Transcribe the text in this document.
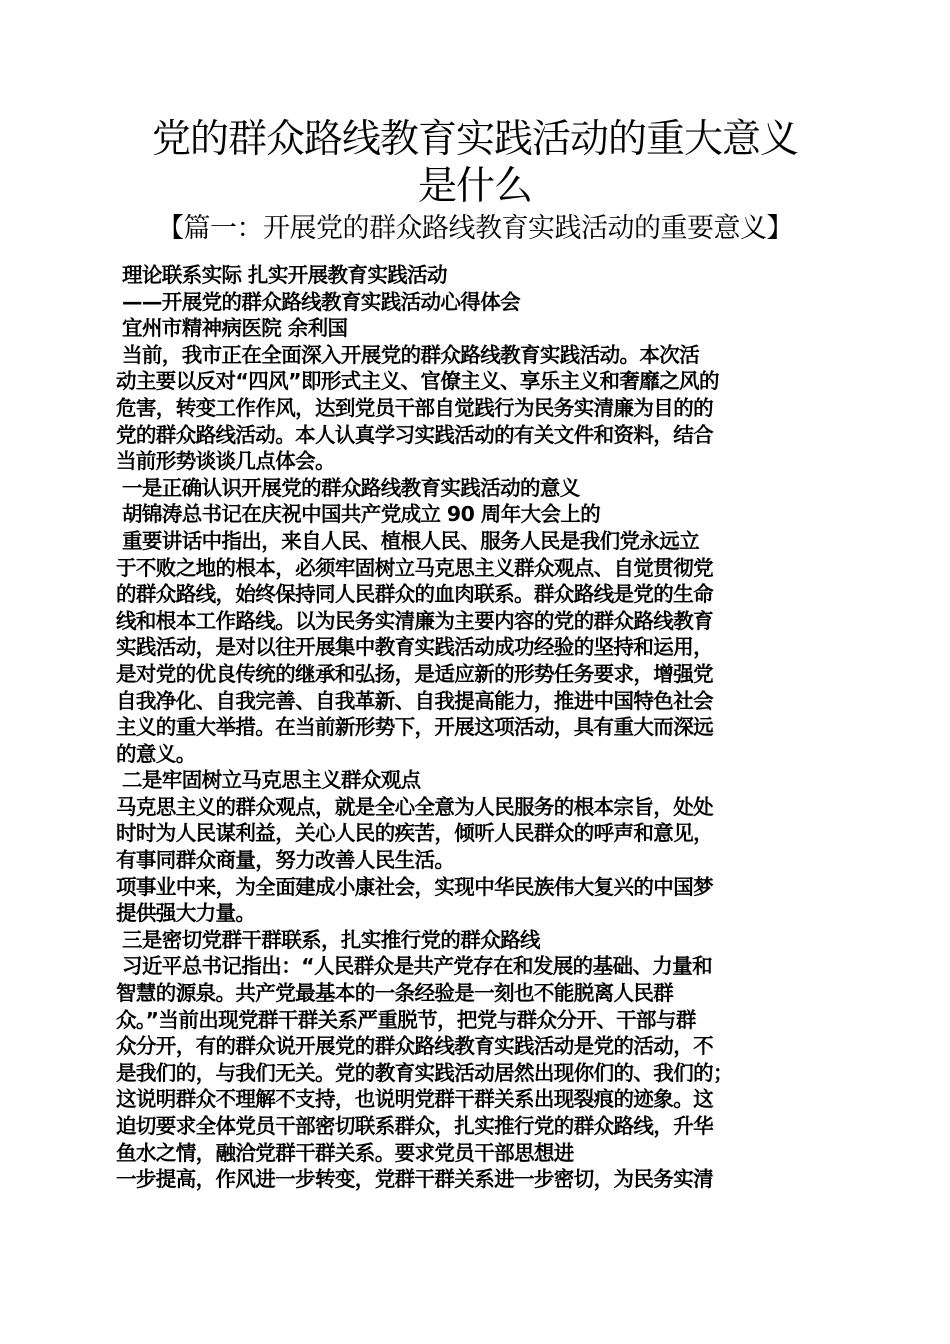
党的群众路线教育实践活动的重大意义
是什么
【篇一：开展党的群众路线教育实践活动的重要意义】
理论联系实际 扎实开展教育实践活动
——开展党的群众路线教育实践活动心得体会
宜州市精神病医院 余利国
当前，我市正在全面深入开展党的群众路线教育实践活动。本次活
动主要以反对“四风”即形式主义、官僚主义、享乐主义和奢靡之风的
危害，转变工作作风，达到党员干部自觉践行为民务实清廉为目的的
党的群众路线活动。本人认真学习实践活动的有关文件和资料，结合
当前形势谈谈几点体会。
一是正确认识开展党的群众路线教育实践活动的意义
胡锦涛总书记在庆祝中国共产党成立 90 周年大会上的
重要讲话中指出，来自人民、植根人民、服务人民是我们党永远立
于不败之地的根本，必须牢固树立马克思主义群众观点、自觉贯彻党
的群众路线，始终保持同人民群众的血肉联系。群众路线是党的生命
线和根本工作路线。以为民务实清廉为主要内容的党的群众路线教育
实践活动，是对以往开展集中教育实践活动成功经验的坚持和运用，
是对党的优良传统的继承和弘扬，是适应新的形势任务要求，增强党
自我净化、自我完善、自我革新、自我提高能力，推进中国特色社会
主义的重大举措。在当前新形势下，开展这项活动，具有重大而深远
的意义。
二是牢固树立马克思主义群众观点
马克思主义的群众观点，就是全心全意为人民服务的根本宗旨，处处
时时为人民谋利益，关心人民的疾苦，倾听人民群众的呼声和意见，
有事同群众商量，努力改善人民生活。
项事业中来，为全面建成小康社会，实现中华民族伟大复兴的中国梦
提供强大力量。
三是密切党群干群联系，扎实推行党的群众路线
习近平总书记指出：“人民群众是共产党存在和发展的基础、力量和
智慧的源泉。共产党最基本的一条经验是一刻也不能脱离人民群
众。”当前出现党群干群关系严重脱节，把党与群众分开、干部与群
众分开，有的群众说开展党的群众路线教育实践活动是党的活动，不
是我们的，与我们无关。党的教育实践活动居然出现你们的、我们的；
这说明群众不理解不支持，也说明党群干群关系出现裂痕的迹象。这
迫切要求全体党员干部密切联系群众，扎实推行党的群众路线，升华
鱼水之情，融洽党群干群关系。要求党员干部思想进
一步提高，作风进一步转变，党群干群关系进一步密切，为民务实清
